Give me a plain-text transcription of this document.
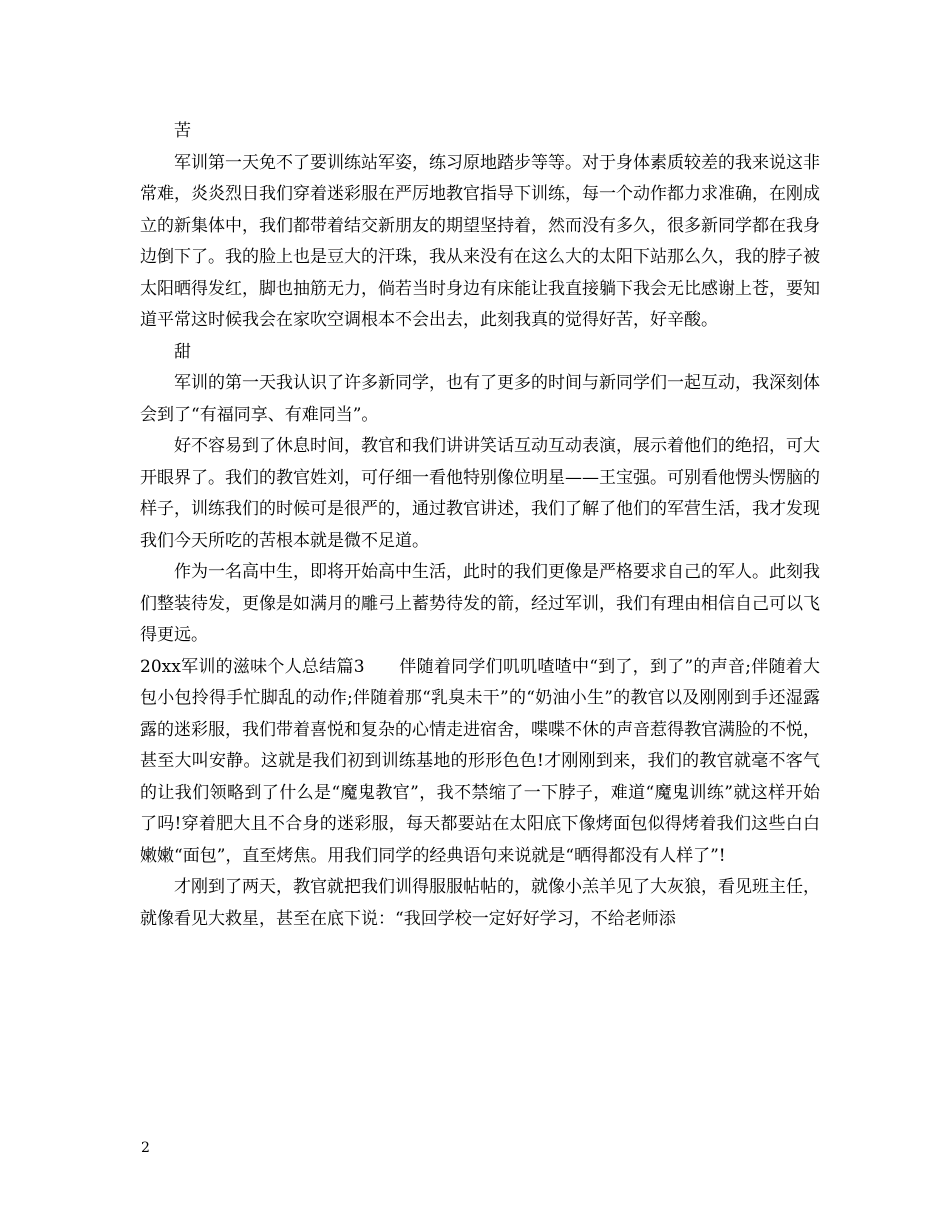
苦

军训第一天免不了要训练站军姿，练习原地踏步等等。对于身体素质较差的我来说这非常难，炎炎烈日我们穿着迷彩服在严厉地教官指导下训练，每一个动作都力求准确，在刚成立的新集体中，我们都带着结交新朋友的期望坚持着，然而没有多久，很多新同学都在我身边倒下了。我的脸上也是豆大的汗珠，我从来没有在这么大的太阳下站那么久，我的脖子被太阳晒得发红，脚也抽筋无力，倘若当时身边有床能让我直接躺下我会无比感谢上苍，要知道平常这时候我会在家吹空调根本不会出去，此刻我真的觉得好苦，好辛酸。

甜

军训的第一天我认识了许多新同学，也有了更多的时间与新同学们一起互动，我深刻体会到了“有福同享、有难同当”。

好不容易到了休息时间，教官和我们讲讲笑话互动互动表演，展示着他们的绝招，可大开眼界了。我们的教官姓刘，可仔细一看他特别像位明星——王宝强。可别看他愣头愣脑的样子，训练我们的时候可是很严的，通过教官讲述，我们了解了他们的军营生活，我才发现我们今天所吃的苦根本就是微不足道。

作为一名高中生，即将开始高中生活，此时的我们更像是严格要求自己的军人。此刻我们整装待发，更像是如满月的雕弓上蓄势待发的箭，经过军训，我们有理由相信自己可以飞得更远。

20xx军训的滋味个人总结篇3　　伴随着同学们叽叽喳喳中“到了，到了”的声音;伴随着大包小包拎得手忙脚乱的动作;伴随着那“乳臭未干”的“奶油小生”的教官以及刚刚到手还湿露露的迷彩服，我们带着喜悦和复杂的心情走进宿舍，喋喋不休的声音惹得教官满脸的不悦，甚至大叫安静。这就是我们初到训练基地的形形色色!才刚刚到来，我们的教官就毫不客气的让我们领略到了什么是“魔鬼教官”，我不禁缩了一下脖子，难道“魔鬼训练”就这样开始了吗!穿着肥大且不合身的迷彩服，每天都要站在太阳底下像烤面包似得烤着我们这些白白嫩嫩“面包”，直至烤焦。用我们同学的经典语句来说就是“晒得都没有人样了”!

才刚到了两天，教官就把我们训得服服帖帖的，就像小羔羊见了大灰狼，看见班主任，就像看见大救星，甚至在底下说：“我回学校一定好好学习，不给老师添

2
